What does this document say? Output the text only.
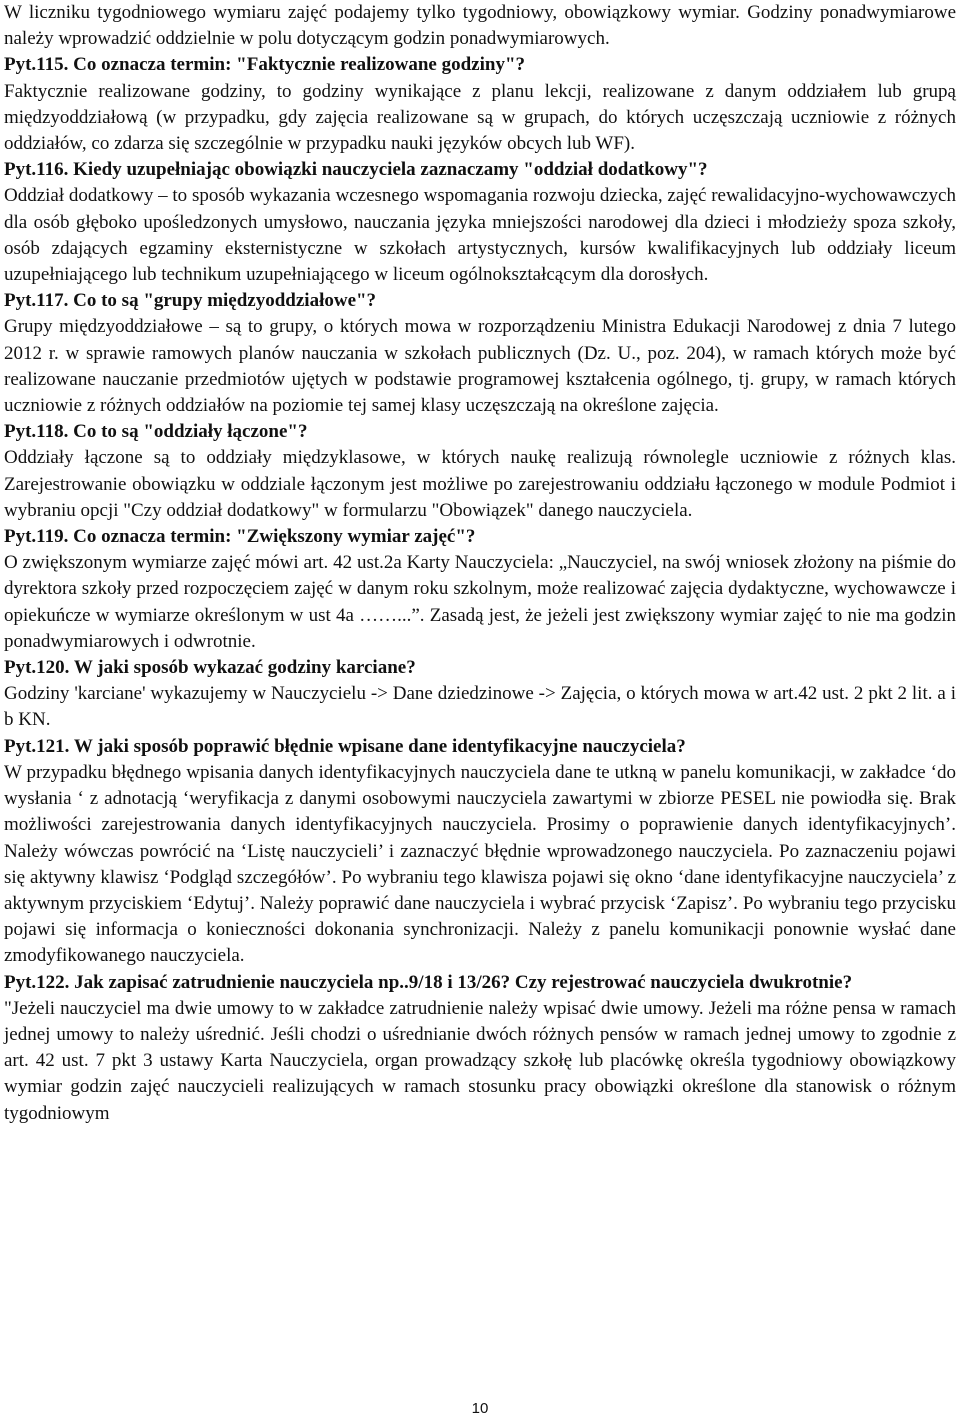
W liczniku tygodniowego wymiaru zajęć podajemy tylko tygodniowy, obowiązkowy wymiar. Godziny ponadwymiarowe należy wprowadzić oddzielnie w polu dotyczącym godzin ponadwymiarowych.

Pyt.115. Co oznacza termin: "Faktycznie realizowane godziny"?

Faktycznie realizowane godziny, to godziny wynikające z planu lekcji, realizowane z danym oddziałem lub grupą międzyoddziałową (w przypadku, gdy zajęcia realizowane są w grupach, do których uczęszczają uczniowie z różnych oddziałów, co zdarza się szczególnie w przypadku nauki języków obcych lub WF).

Pyt.116. Kiedy uzupełniając obowiązki nauczyciela zaznaczamy "oddział dodatkowy"?

Oddział dodatkowy – to sposób wykazania wczesnego wspomagania rozwoju dziecka, zajęć rewalidacyjno-wychowawczych dla osób głęboko upośledzonych umysłowo, nauczania języka mniejszości narodowej dla dzieci i młodzieży spoza szkoły, osób zdających egzaminy eksternistyczne w szkołach artystycznych, kursów kwalifikacyjnych lub oddziały liceum uzupełniającego lub technikum uzupełniającego w liceum ogólnokształcącym dla dorosłych.

Pyt.117. Co to są "grupy międzyoddziałowe"?

Grupy międzyoddziałowe – są to grupy, o których mowa w rozporządzeniu Ministra Edukacji Narodowej z dnia 7 lutego 2012 r. w sprawie ramowych planów nauczania w szkołach publicznych (Dz. U., poz. 204), w ramach których może być realizowane nauczanie przedmiotów ujętych w podstawie programowej kształcenia ogólnego, tj. grupy, w ramach których uczniowie z różnych oddziałów na poziomie tej samej klasy uczęszczają na określone zajęcia.

Pyt.118. Co to są "oddziały łączone"?

Oddziały łączone są to oddziały międzyklasowe, w których naukę realizują równolegle uczniowie z różnych klas. Zarejestrowanie obowiązku w oddziale łączonym jest możliwe po zarejestrowaniu oddziału łączonego w module Podmiot i wybraniu opcji "Czy oddział dodatkowy" w formularzu "Obowiązek" danego nauczyciela.

Pyt.119. Co oznacza termin: "Zwiększony wymiar zajęć"?

O zwiększonym wymiarze zajęć mówi art. 42 ust.2a Karty Nauczyciela: „Nauczyciel, na swój wniosek złożony na piśmie do dyrektora szkoły przed rozpoczęciem zajęć w danym roku szkolnym, może realizować zajęcia dydaktyczne, wychowawcze i opiekuńcze w wymiarze określonym w ust 4a ……...”. Zasadą jest, że jeżeli jest zwiększony wymiar zajęć to nie ma godzin ponadwymiarowych i odwrotnie.

Pyt.120. W jaki sposób wykazać godziny karciane?

Godziny 'karciane' wykazujemy w Nauczycielu -> Dane dziedzinowe -> Zajęcia, o których mowa w art.42 ust. 2 pkt 2 lit. a i b KN.

Pyt.121. W jaki sposób poprawić błędnie wpisane dane identyfikacyjne nauczyciela?

W przypadku błędnego wpisania danych identyfikacyjnych nauczyciela dane te utkną w panelu komunikacji, w zakładce ‘do wysłania ‘ z adnotacją ‘weryfikacja z danymi osobowymi nauczyciela zawartymi w zbiorze PESEL nie powiodła się. Brak możliwości zarejestrowania danych identyfikacyjnych nauczyciela. Prosimy o poprawienie danych identyfikacyjnych’. Należy wówczas powrócić na ‘Listę nauczycieli’ i zaznaczyć błędnie wprowadzonego nauczyciela. Po zaznaczeniu pojawi się aktywny klawisz ‘Podgląd szczegółów’. Po wybraniu tego klawisza pojawi się okno ‘dane identyfikacyjne nauczyciela’ z aktywnym przyciskiem ‘Edytuj’. Należy poprawić dane nauczyciela i wybrać przycisk ‘Zapisz’. Po wybraniu tego przycisku pojawi się informacja o konieczności dokonania synchronizacji. Należy z panelu komunikacji ponownie wysłać dane zmodyfikowanego nauczyciela.

Pyt.122. Jak zapisać zatrudnienie nauczyciela np..9/18 i 13/26? Czy rejestrować nauczyciela dwukrotnie?

"Jeżeli nauczyciel ma dwie umowy to w zakładce zatrudnienie należy wpisać dwie umowy. Jeżeli ma różne pensa w ramach jednej umowy to należy uśrednić. Jeśli chodzi o uśrednianie dwóch różnych pensów w ramach jednej umowy to zgodnie z art. 42 ust. 7 pkt 3 ustawy Karta Nauczyciela, organ prowadzący szkołę lub placówkę określa tygodniowy obowiązkowy wymiar godzin zajęć nauczycieli realizujących w ramach stosunku pracy obowiązki określone dla stanowisk o różnym tygodniowym

10
